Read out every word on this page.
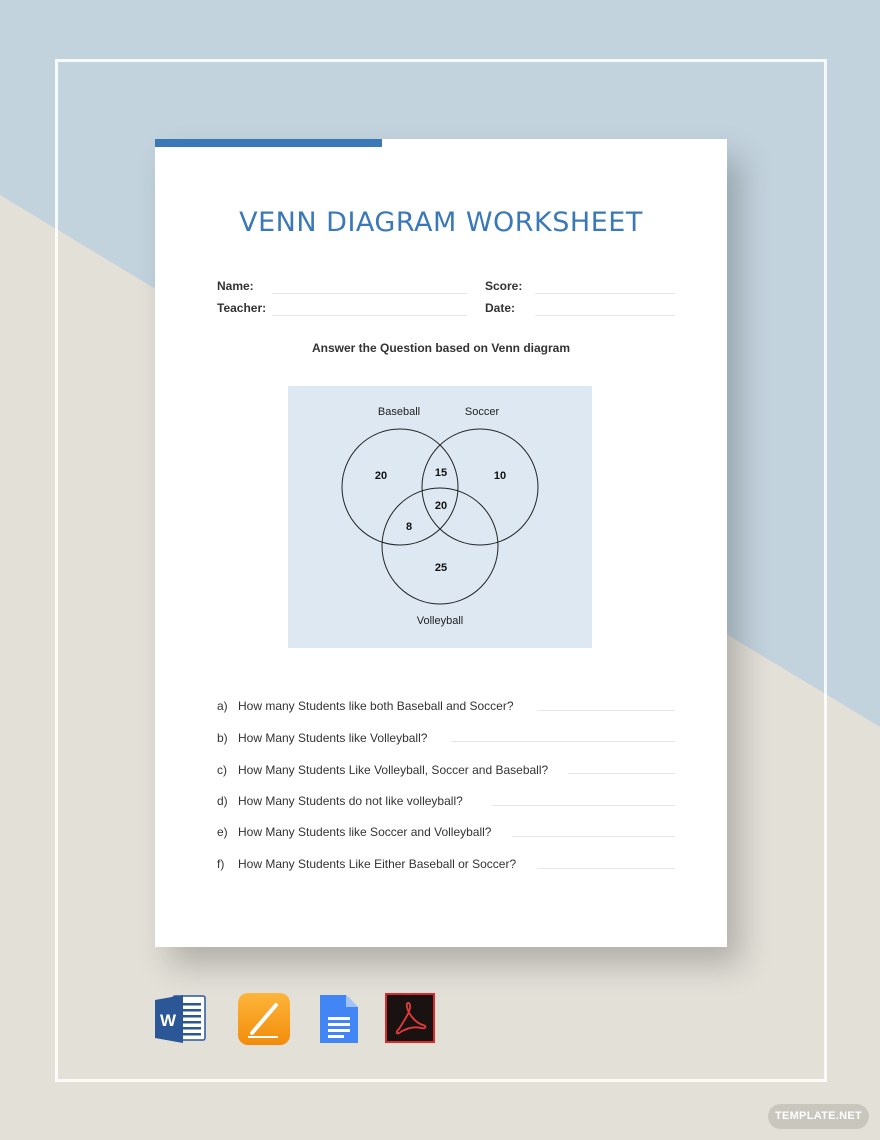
VENN DIAGRAM WORKSHEET
Name:
Teacher:
Score:
Date:
Answer the Question based on Venn diagram
Baseball	Soccer
Volleyball
20	10
15
20
8
25
a) How many Students like both Baseball and Soccer?
b) How Many Students like Volleyball?
c) How Many Students Like Volleyball, Soccer and Baseball?
d) How Many Students do not like volleyball?
e) How Many Students like Soccer and Volleyball?
f) How Many Students Like Either Baseball or Soccer?
W
TEMPLATE.NET
